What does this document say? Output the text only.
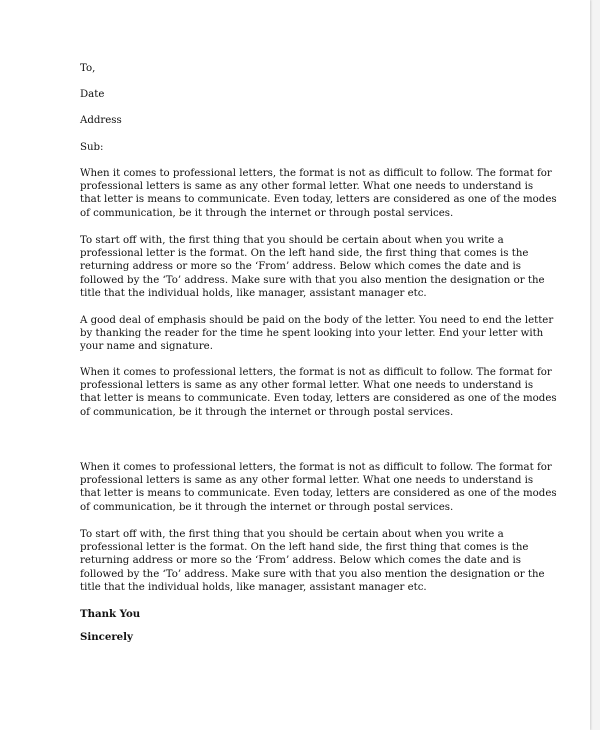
To,
Date
Address
Sub:
When it comes to professional letters, the format is not as difficult to follow. The format for
professional letters is same as any other formal letter. What one needs to understand is
that letter is means to communicate. Even today, letters are considered as one of the modes
of communication, be it through the internet or through postal services.
To start off with, the first thing that you should be certain about when you write a
professional letter is the format. On the left hand side, the first thing that comes is the
returning address or more so the ‘From’ address. Below which comes the date and is
followed by the ‘To’ address. Make sure with that you also mention the designation or the
title that the individual holds, like manager, assistant manager etc.
A good deal of emphasis should be paid on the body of the letter. You need to end the letter
by thanking the reader for the time he spent looking into your letter. End your letter with
your name and signature.
When it comes to professional letters, the format is not as difficult to follow. The format for
professional letters is same as any other formal letter. What one needs to understand is
that letter is means to communicate. Even today, letters are considered as one of the modes
of communication, be it through the internet or through postal services.
When it comes to professional letters, the format is not as difficult to follow. The format for
professional letters is same as any other formal letter. What one needs to understand is
that letter is means to communicate. Even today, letters are considered as one of the modes
of communication, be it through the internet or through postal services.
To start off with, the first thing that you should be certain about when you write a
professional letter is the format. On the left hand side, the first thing that comes is the
returning address or more so the ‘From’ address. Below which comes the date and is
followed by the ‘To’ address. Make sure with that you also mention the designation or the
title that the individual holds, like manager, assistant manager etc.
Thank You
Sincerely
